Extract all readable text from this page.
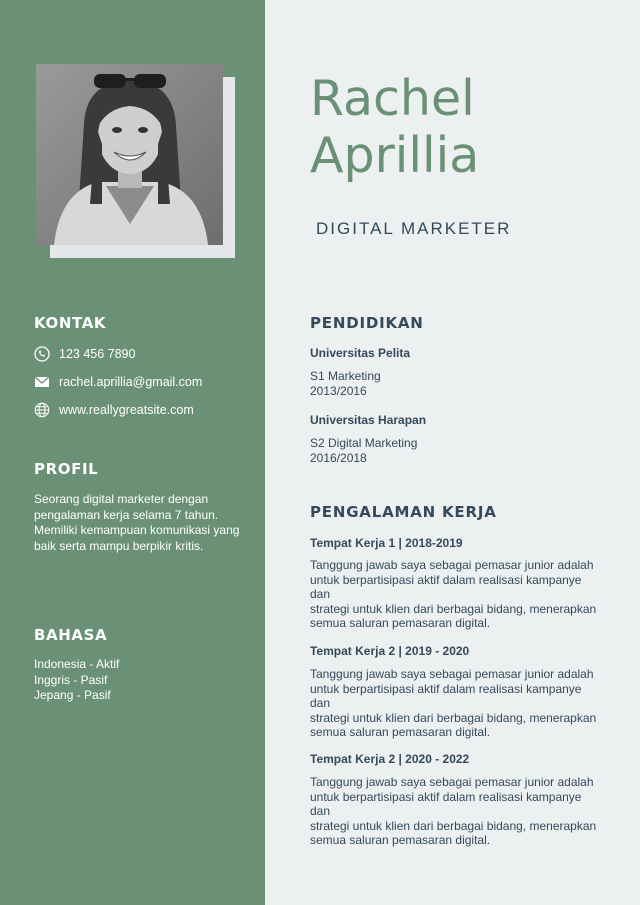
KONTAK
123 456 7890
rachel.aprillia@gmail.com
www.reallygreatsite.com
PROFIL

Seorang digital marketer dengan
pengalaman kerja selama 7 tahun.
Memiliki kemampuan komunikasi yang
baik serta mampu berpikir kritis.

BAHASA
Indonesia - Aktif
Inggris - Pasif
Jepang - Pasif
Rachel
Aprillia
DIGITAL MARKETER
PENDIDIKAN

Universitas Pelita

S1 Marketing
2013/2016

Universitas Harapan

S2 Digital Marketing
2016/2018

PENGALAMAN KERJA

Tempat Kerja 1 | 2018-2019

Tanggung jawab saya sebagai pemasar junior adalah
untuk berpartisipasi aktif dalam realisasi kampanye dan
strategi untuk klien dari berbagai bidang, menerapkan
semua saluran pemasaran digital.

Tempat Kerja 2 | 2019 - 2020

Tanggung jawab saya sebagai pemasar junior adalah
untuk berpartisipasi aktif dalam realisasi kampanye dan
strategi untuk klien dari berbagai bidang, menerapkan
semua saluran pemasaran digital.

Tempat Kerja 2 | 2020 - 2022

Tanggung jawab saya sebagai pemasar junior adalah
untuk berpartisipasi aktif dalam realisasi kampanye dan
strategi untuk klien dari berbagai bidang, menerapkan
semua saluran pemasaran digital.
